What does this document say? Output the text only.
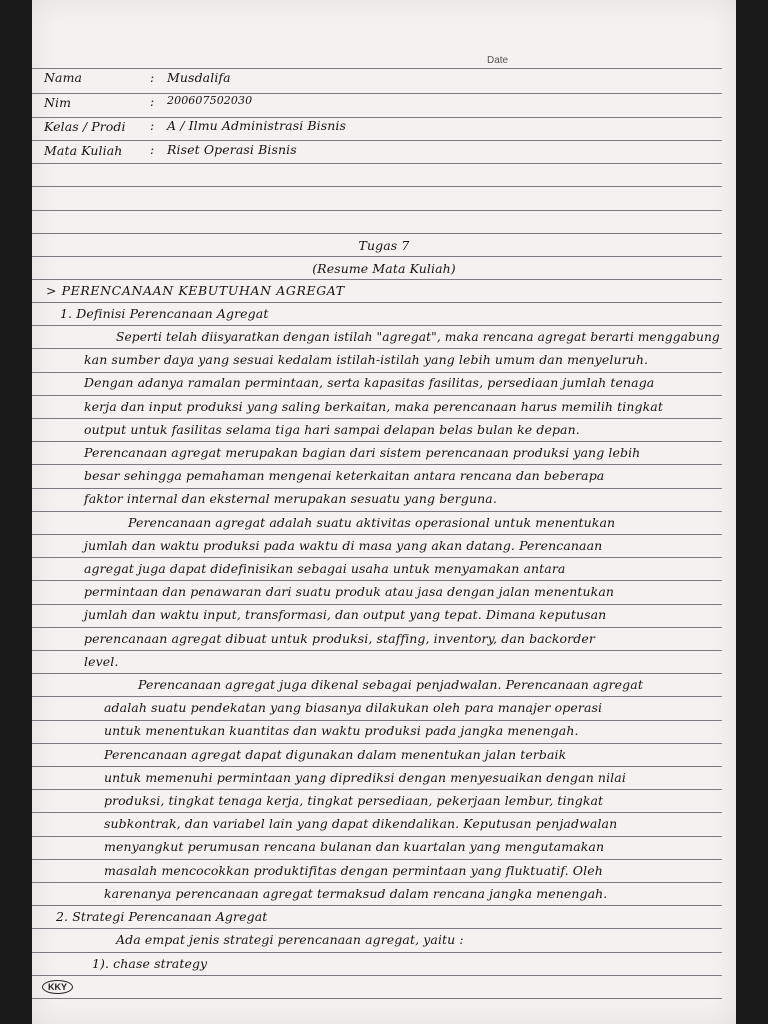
Date
Nama	: Musdalifa
Nim	: 200607502030
Kelas / Prodi : A / Ilmu Administrasi Bisnis
Mata Kuliah : Riset Operasi Bisnis
Tugas 7
(Resume Mata Kuliah)
> PERENCANAAN KEBUTUHAN AGREGAT
1. Definisi Perencanaan Agregat
Seperti telah diisyaratkan dengan istilah "agregat", maka rencana agregat berarti menggabung
kan sumber daya yang sesuai kedalam istilah-istilah yang lebih umum dan menyeluruh.
Dengan adanya ramalan permintaan, serta kapasitas fasilitas, persediaan jumlah tenaga
kerja dan input produksi yang saling berkaitan, maka perencanaan harus memilih tingkat
output untuk fasilitas selama tiga hari sampai delapan belas bulan ke depan.
Perencanaan agregat merupakan bagian dari sistem perencanaan produksi yang lebih
besar sehingga pemahaman mengenai keterkaitan antara rencana dan beberapa
faktor internal dan eksternal merupakan sesuatu yang berguna.
Perencanaan agregat adalah suatu aktivitas operasional untuk menentukan
jumlah dan waktu produksi pada waktu di masa yang akan datang. Perencanaan
agregat juga dapat didefinisikan sebagai usaha untuk menyamakan antara
permintaan dan penawaran dari suatu produk atau jasa dengan jalan menentukan
jumlah dan waktu input, transformasi, dan output yang tepat. Dimana keputusan
perencanaan agregat dibuat untuk produksi, staffing, inventory, dan backorder
level.
Perencanaan agregat juga dikenal sebagai penjadwalan. Perencanaan agregat
adalah suatu pendekatan yang biasanya dilakukan oleh para manajer operasi
untuk menentukan kuantitas dan waktu produksi pada jangka menengah.
Perencanaan agregat dapat digunakan dalam menentukan jalan terbaik
untuk memenuhi permintaan yang diprediksi dengan menyesuaikan dengan nilai
produksi, tingkat tenaga kerja, tingkat persediaan, pekerjaan lembur, tingkat
subkontrak, dan variabel lain yang dapat dikendalikan. Keputusan penjadwalan
menyangkut perumusan rencana bulanan dan kuartalan yang mengutamakan
masalah mencocokkan produktifitas dengan permintaan yang fluktuatif. Oleh
karenanya perencanaan agregat termaksud dalam rencana jangka menengah.
2. Strategi Perencanaan Agregat
Ada empat jenis strategi perencanaan agregat, yaitu :
1). chase strategy
KKY
